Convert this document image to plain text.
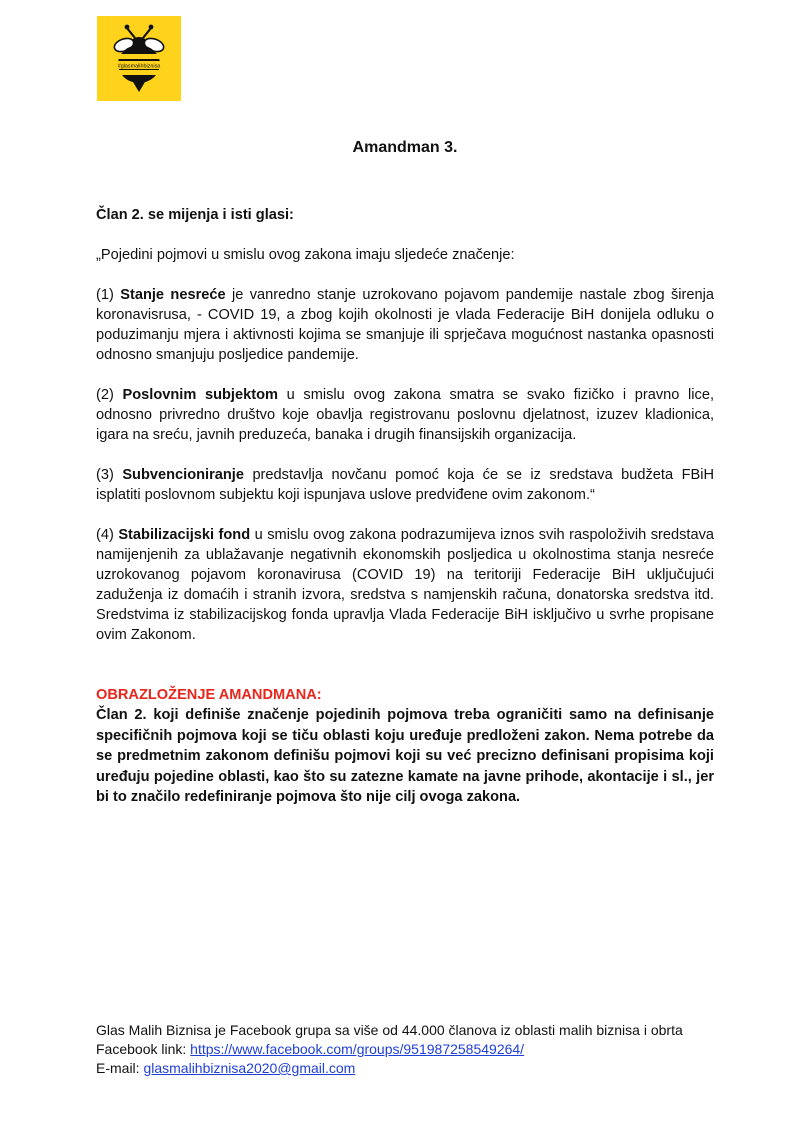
#glasmalihbiznisa
Amandman 3.

Član 2. se mijenja i isti glasi:

„Pojedini pojmovi u smislu ovog zakona imaju sljedeće značenje:

(1) Stanje nesreće je vanredno stanje uzrokovano pojavom pandemije nastale zbog širenja koronavisrusa, - COVID 19, a zbog kojih okolnosti je vlada Federacije BiH donijela odluku o poduzimanju mjera i aktivnosti kojima se smanjuje ili sprječava mogućnost nastanka opasnosti odnosno smanjuju posljedice pandemije.

(2) Poslovnim subjektom u smislu ovog zakona smatra se svako fizičko i pravno lice, odnosno privredno društvo koje obavlja registrovanu poslovnu djelatnost, izuzev kladionica, igara na sreću, javnih preduzeća, banaka i drugih finansijskih organizacija.

(3) Subvencioniranje predstavlja novčanu pomoć koja će se iz sredstava budžeta FBiH isplatiti poslovnom subjektu koji ispunjava uslove predviđene ovim zakonom.“

(4) Stabilizacijski fond u smislu ovog zakona podrazumijeva iznos svih raspoloživih sredstava namijenjenih za ublažavanje negativnih ekonomskih posljedica u okolnostima stanja nesreće uzrokovanog pojavom koronavirusa (COVID 19) na teritoriji Federacije BiH uključujući zaduženja iz domaćih i stranih izvora, sredstva s namjenskih računa, donatorska sredstva itd. Sredstvima iz stabilizacijskog fonda upravlja Vlada Federacije BiH isključivo u svrhe propisane ovim Zakonom.

OBRAZLOŽENJE AMANDMANA:

Član 2. koji definiše značenje pojedinih pojmova treba ograničiti samo na definisanje specifičnih pojmova koji se tiču oblasti koju uređuje predloženi zakon. Nema potrebe da se predmetnim zakonom definišu pojmovi koji su već precizno definisani propisima koji uređuju pojedine oblasti, kao što su zatezne kamate na javne prihode, akontacije i sl., jer bi to značilo redefiniranje pojmova što nije cilj ovoga zakona.

Glas Malih Biznisa je Facebook grupa sa više od 44.000 članova iz oblasti malih biznisa i obrta
Facebook link: https://www.facebook.com/groups/951987258549264/
E-mail: glasmalihbiznisa2020@gmail.com
